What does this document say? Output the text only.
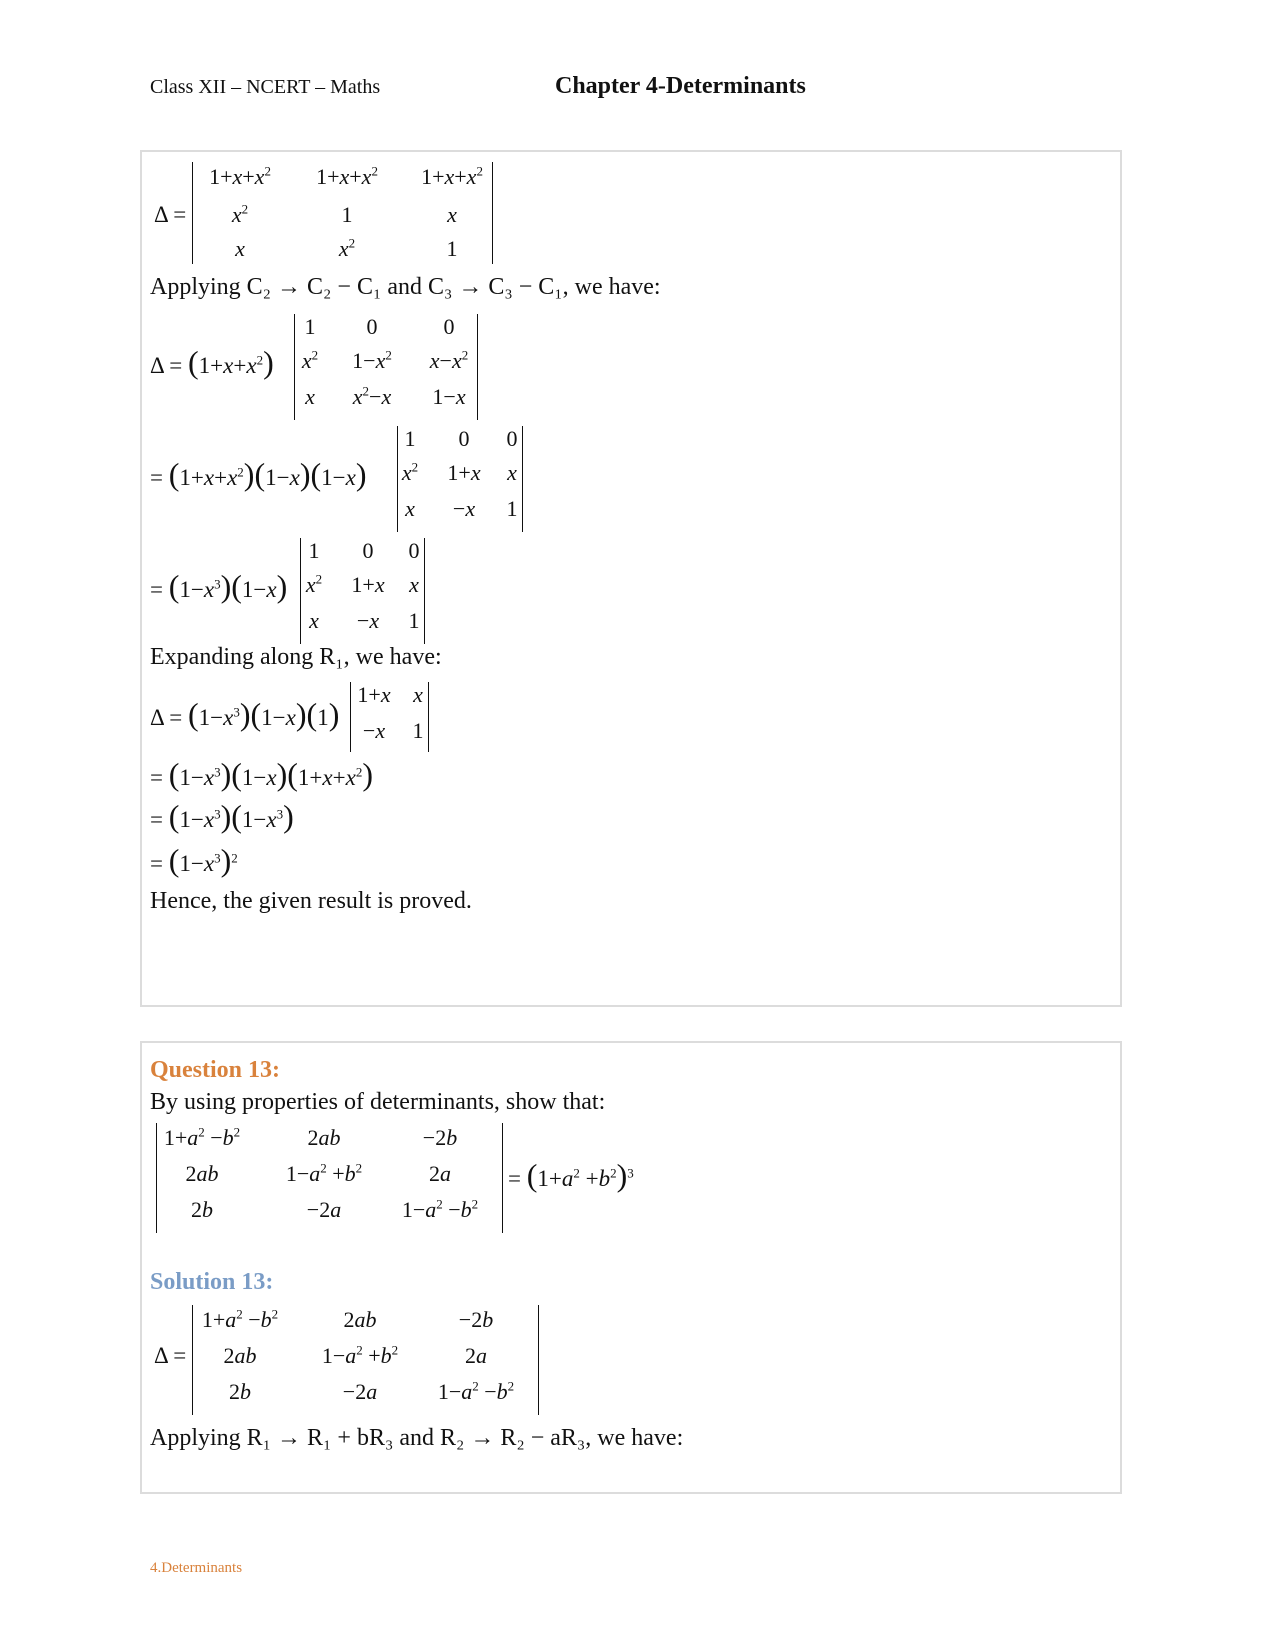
Class XII – NCERT – Maths	Chapter 4-Determinants
Δ =
$1+x+x^2$ $1+x+x^2$ $1+x+x^2$
$x^2$	1	x
x	$x^2$	1
Applying C₂ → C₂ − C₁ and C₃ → C₃ − C₁, we have:
$\Delta = (1+x+x^2)$
1 0	0
$x^2$ $1-x^2$ $x-x^2$
x $x^2-x$ 1−x
= $(1+x+x^2)(1-x)(1-x)$
1 0 0
$x^2$ 1+x x
x −x 1
= $(1-x^3)(1-x)$
1 0 0
$x^2$ 1+x x
x −x 1
Expanding along R₁, we have:
$\Delta = (1-x^3)(1-x)(1)$
1+x x
−x 1
= $(1-x^3)(1-x)(1+x+x^2)$
= $(1-x^3)(1-x^3)$
= $(1-x^3)^2$
Hence, the given result is proved.
Question 13:
By using properties of determinants, show that:
$1+a^2 -b^2$	2ab	−2b
2ab	$1-a^2 +b^2$	2a
2b	−2a	$1-a^2 -b^2$
= $(1+a^2 +b^2)^3$
Solution 13:
Δ =
$1+a^2 -b^2$	2ab	−2b
2ab	$1-a^2 +b^2$	2a
2b	−2a	$1-a^2 -b^2$
Applying R₁ → R₁ + bR₃ and R₂ → R₂ − aR₃, we have:
4.Determinants
